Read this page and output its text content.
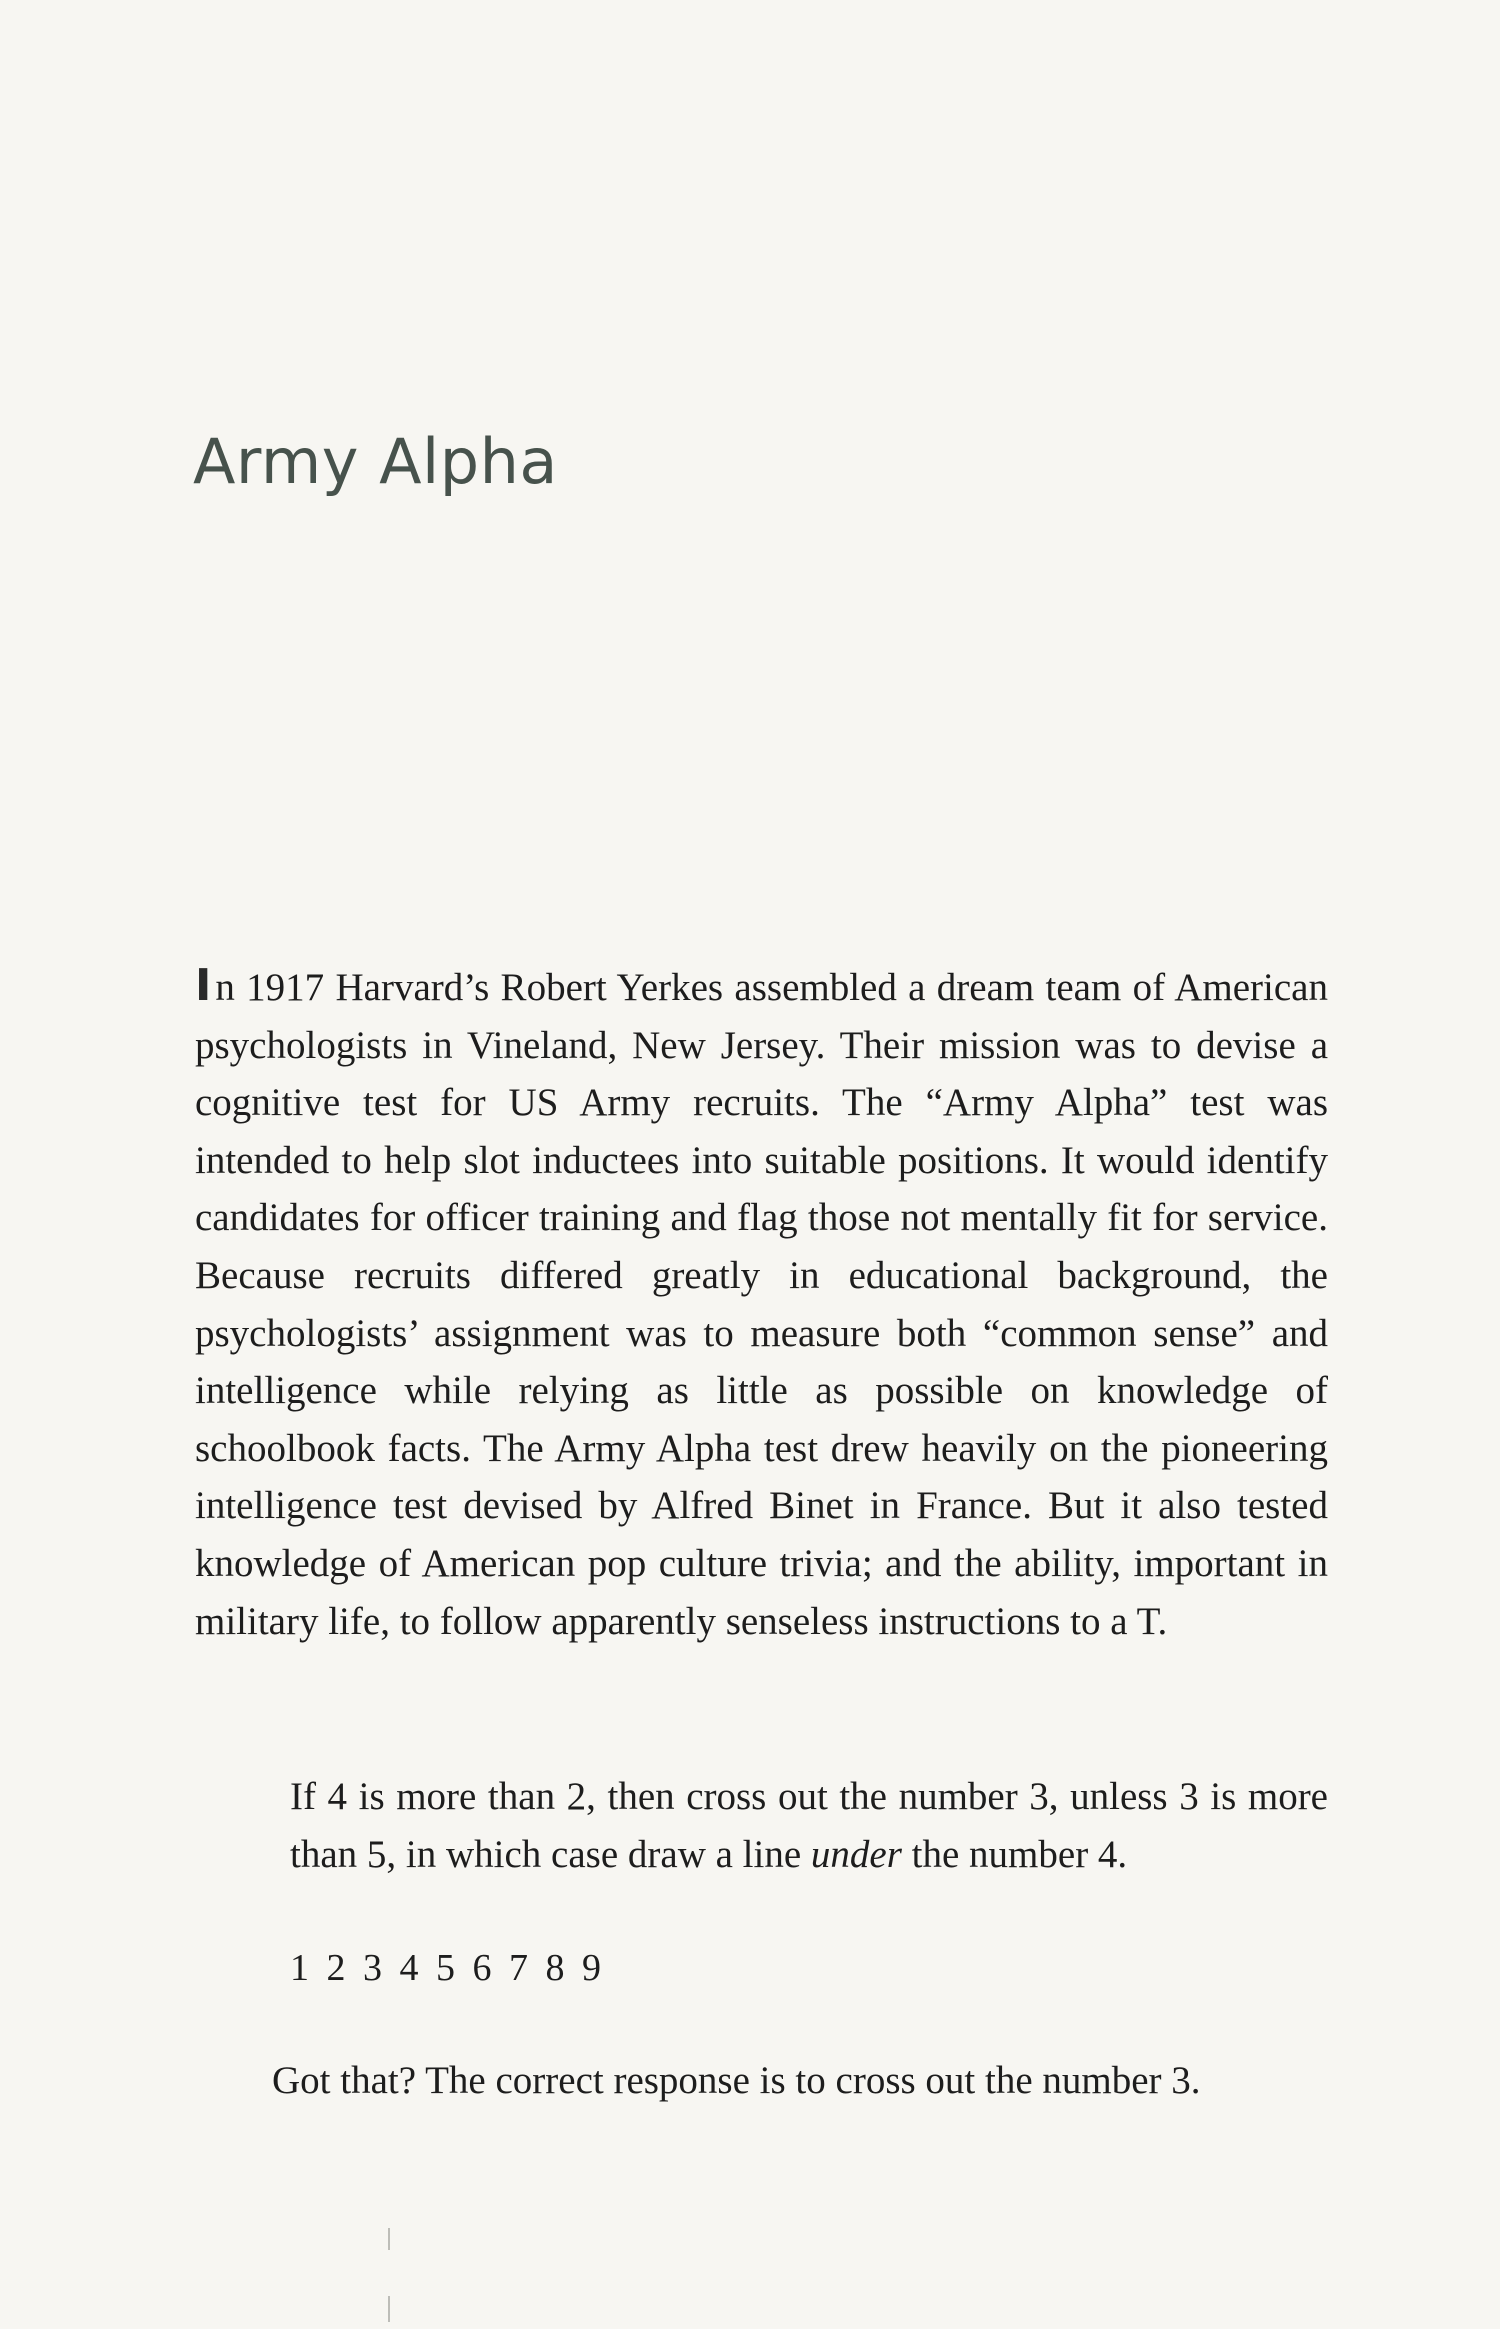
Army Alpha

I n 1917 Harvard’s Robert Yerkes assembled a dream team of American psychologists in Vineland, New Jersey. Their mission was to devise a cognitive test for US Army recruits. The “Army Alpha” test was intended to help slot inductees into suitable positions. It would identify candidates for officer training and flag those not mentally fit for service. Because recruits differed greatly in educational background, the psychologists’ assignment was to measure both “common sense” and intelligence while relying as little as possible on knowledge of schoolbook facts. The Army Alpha test drew heavily on the pioneering intelligence test devised by Alfred Binet in France. But it also tested knowledge of American pop culture trivia; and the ability, important in military life, to follow apparently senseless instructions to a T.

If 4 is more than 2, then cross out the number 3, unless 3 is more than 5, in which case draw a line under the number 4.

1 2 3 4 5 6 7 8 9

Got that? The correct response is to cross out the number 3.
